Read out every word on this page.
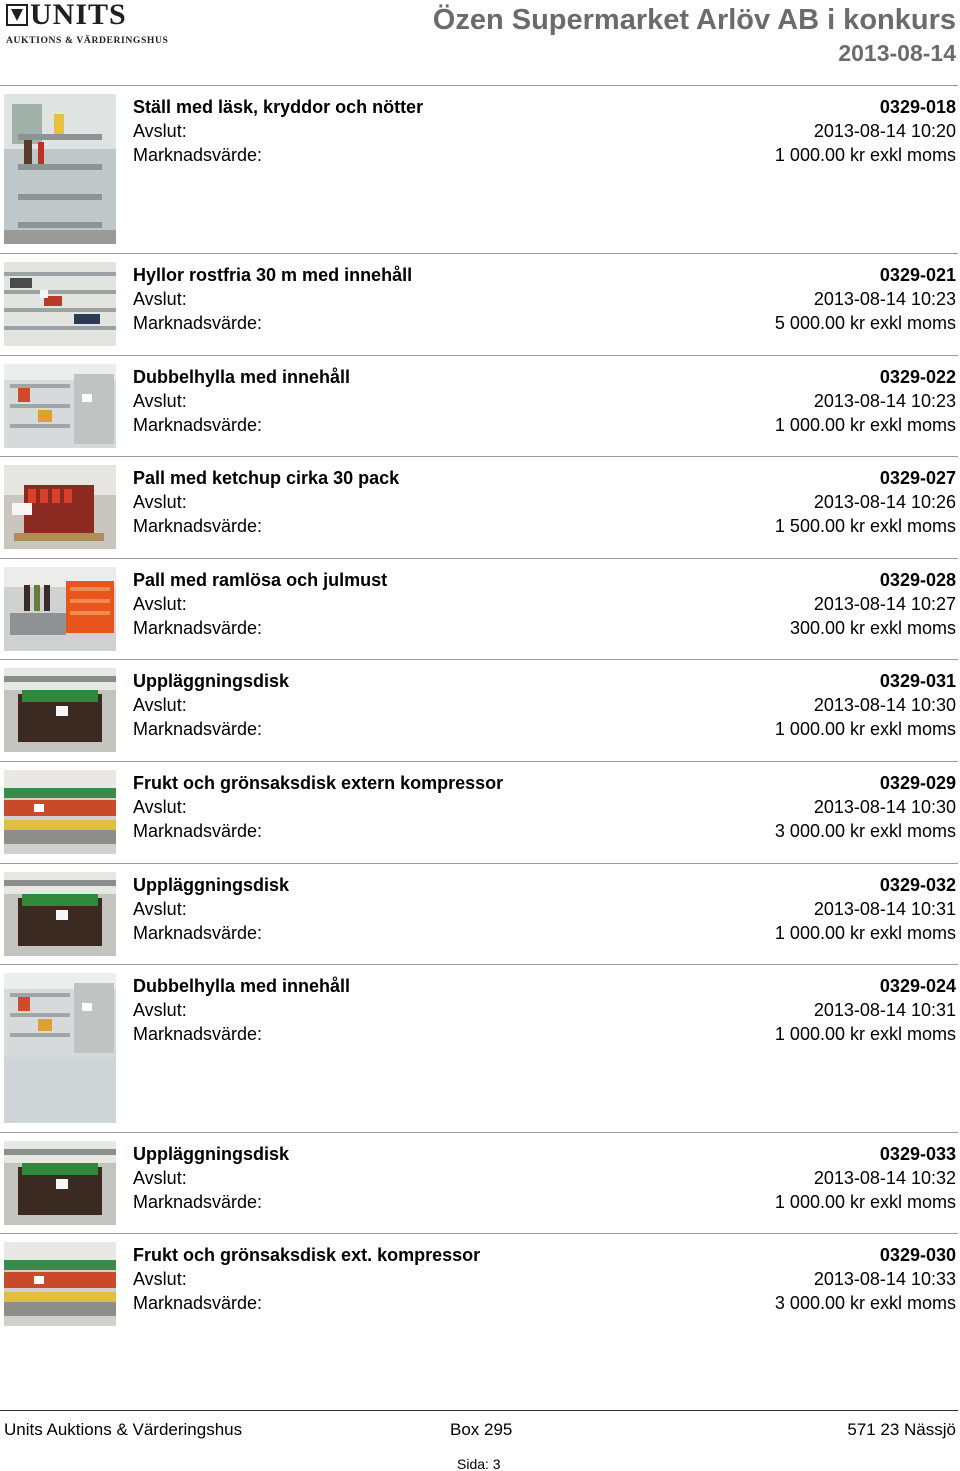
UNITS
AUKTIONS & VÄRDERINGSHUS
Özen Supermarket Arlöv AB i konkurs
2013-08-14
Ställ med läsk, kryddor och nötter
Avslut:
Marknadsvärde:
0329-018
2013-08-14 10:20
1 000.00 kr exkl moms
Hyllor rostfria 30 m med innehåll
Avslut:
Marknadsvärde:
0329-021
2013-08-14 10:23
5 000.00 kr exkl moms
Dubbelhylla med innehåll
Avslut:
Marknadsvärde:
0329-022
2013-08-14 10:23
1 000.00 kr exkl moms
Pall med ketchup cirka 30 pack
Avslut:
Marknadsvärde:
0329-027
2013-08-14 10:26
1 500.00 kr exkl moms
Pall med ramlösa och julmust
Avslut:
Marknadsvärde:
0329-028
2013-08-14 10:27
300.00 kr exkl moms
Uppläggningsdisk
Avslut:
Marknadsvärde:
0329-031
2013-08-14 10:30
1 000.00 kr exkl moms
Frukt och grönsaksdisk extern kompressor
Avslut:
Marknadsvärde:
0329-029
2013-08-14 10:30
3 000.00 kr exkl moms
Uppläggningsdisk
Avslut:
Marknadsvärde:
0329-032
2013-08-14 10:31
1 000.00 kr exkl moms
Dubbelhylla med innehåll
Avslut:
Marknadsvärde:
0329-024
2013-08-14 10:31
1 000.00 kr exkl moms
Uppläggningsdisk
Avslut:
Marknadsvärde:
0329-033
2013-08-14 10:32
1 000.00 kr exkl moms
Frukt och grönsaksdisk ext. kompressor
Avslut:
Marknadsvärde:
0329-030
2013-08-14 10:33
3 000.00 kr exkl moms
Units Auktions & Värderingshus	Box 295	571 23 Nässjö
Sida: 3
